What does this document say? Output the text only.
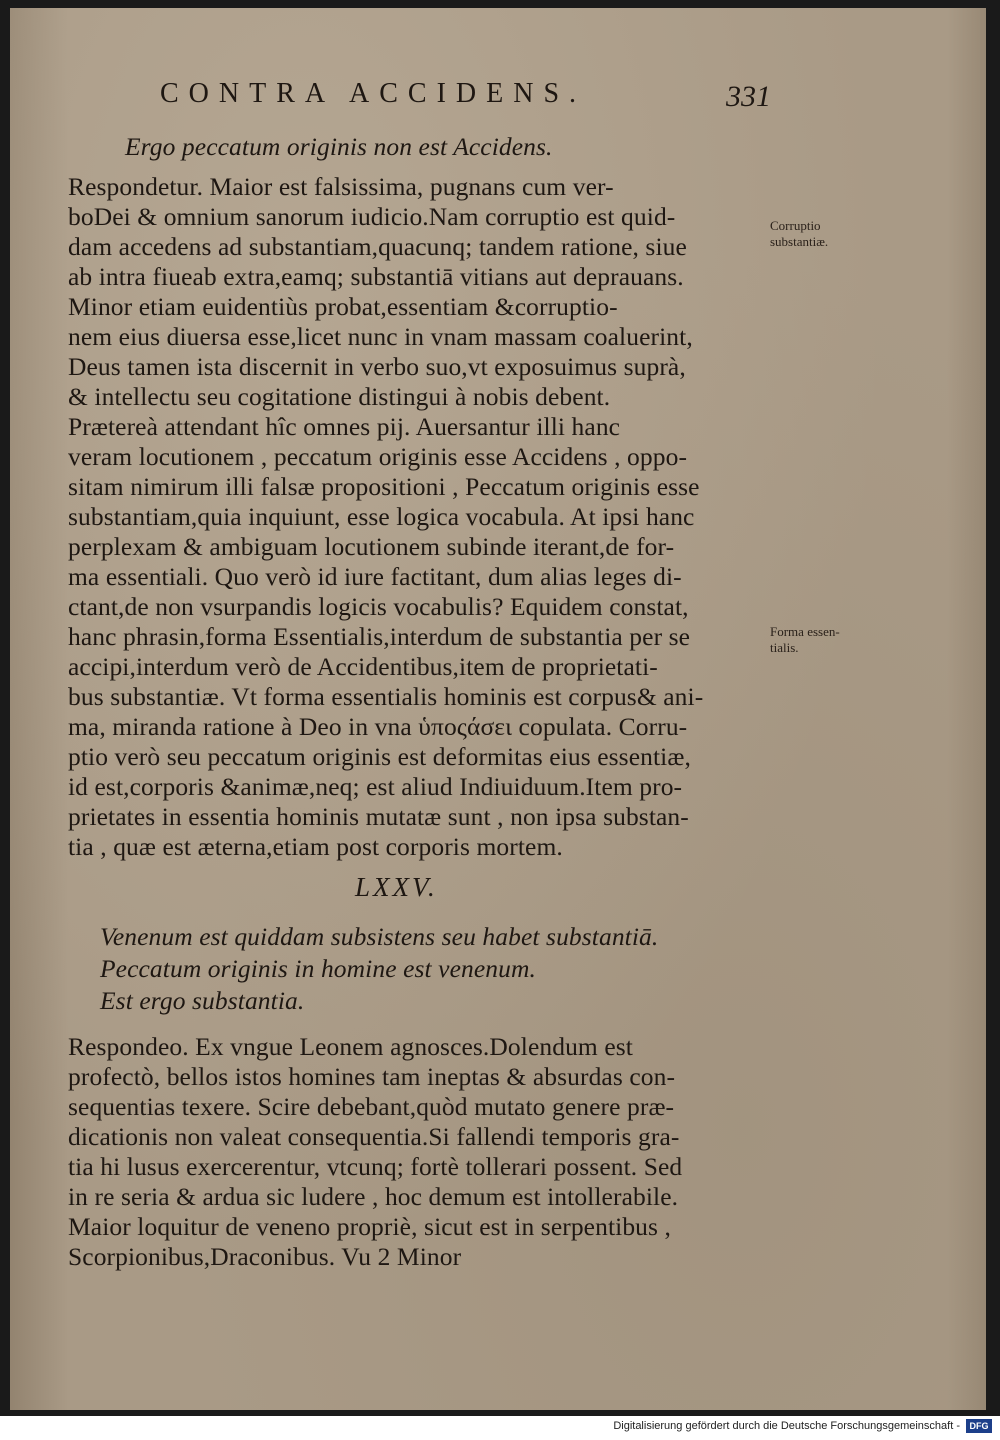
CONTRA ACCIDENS.	331
Ergo peccatum originis non est Accidens.
Respondetur. Maior est falsissima, pugnans cum ver-
boDei & omnium sanorum iudicio.Nam corruptio est quid-
dam accedens ad substantiam,quacunq; tandem ratione, siue
ab intra fiueab extra,eamq; substantiā vitians aut deprauans.
Minor etiam euidentiùs probat,essentiam &corruptio-
nem eius diuersa esse,licet nunc in vnam massam coaluerint,
Deus tamen ista discernit in verbo suo,vt exposuimus suprà,
& intellectu seu cogitatione distingui à nobis debent.
Prætereà attendant hîc omnes pij. Auersantur illi hanc
veram locutionem , peccatum originis esse Accidens , oppo-
sitam nimirum illi falsæ propositioni , Peccatum originis esse
substantiam,quia inquiunt, esse logica vocabula. At ipsi hanc
perplexam & ambiguam locutionem subinde iterant,de for-
ma essentiali. Quo verò id iure factitant, dum alias leges di-
ctant,de non vsurpandis logicis vocabulis? Equidem constat,
hanc phrasin,forma Essentialis,interdum de substantia per se
accipi,interdum verò de Accidentibus,item de proprietati-
bus substantiæ. Vt forma essentialis hominis est corpus& ani-
ma, miranda ratione à Deo in vna ὑποςάσει copulata. Corru-
ptio verò seu peccatum originis est deformitas eius essentiæ,
id est,corporis &animæ,neq; est aliud Indiuiduum.Item pro-
prietates in essentia hominis mutatæ sunt , non ipsa substan-
tia , quæ est æterna,etiam post corporis mortem.
LXXV.
Venenum est quiddam subsistens seu habet substantiā.
Peccatum originis in homine est venenum.
Est ergo substantia.
Respondeo. Ex vngue Leonem agnosces.Dolendum est
profectò, bellos istos homines tam ineptas & absurdas con-
sequentias texere. Scire debebant,quòd mutato genere præ-
dicationis non valeat consequentia.Si fallendi temporis gra-
tia hi lusus exercerentur, vtcunq; fortè tollerari possent. Sed
in re seria & ardua sic ludere , hoc demum est intollerabile.
Maior loquitur de veneno propriè, sicut est in serpentibus ,
Scorpionibus,Draconibus. Vu 2 Minor
Corruptio
substantiæ.
Forma essen-
tialis.
Digitalisierung gefördert durch die Deutsche Forschungsgemeinschaft -	DFG
